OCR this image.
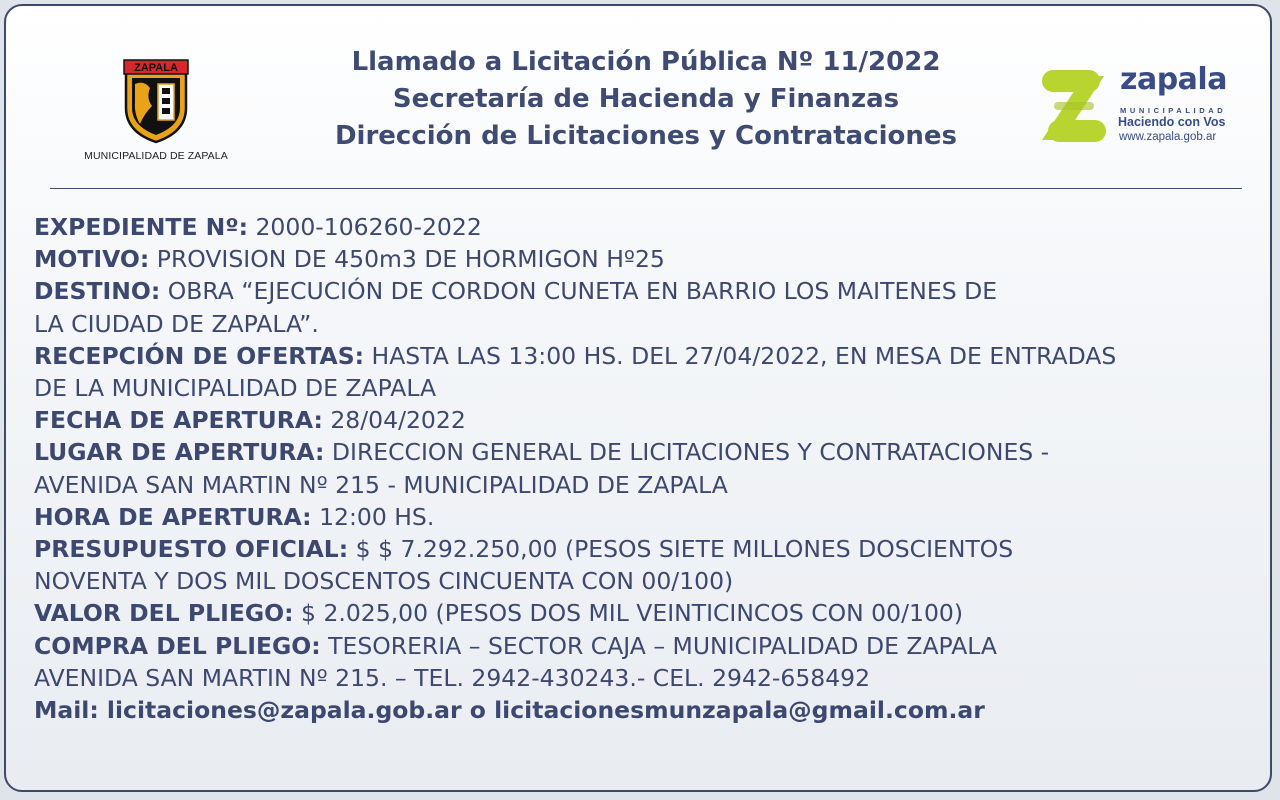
ZAPALA
MUNICIPALIDAD DE ZAPALA
Llamado a Licitación Pública Nº 11/2022
Secretaría de Hacienda y Finanzas
Dirección de Licitaciones y Contrataciones
zapala
MUNICIPALIDAD
Haciendo con Vos
www.zapala.gob.ar
EXPEDIENTE Nº: 2000-106260-2022
MOTIVO: PROVISION DE 450m3 DE HORMIGON Hº25
DESTINO: OBRA “EJECUCIÓN DE CORDON CUNETA EN BARRIO LOS MAITENES DE
LA CIUDAD DE ZAPALA”.
RECEPCIÓN DE OFERTAS: HASTA LAS 13:00 HS. DEL 27/04/2022, EN MESA DE ENTRADAS
DE LA MUNICIPALIDAD DE ZAPALA
FECHA DE APERTURA: 28/04/2022
LUGAR DE APERTURA: DIRECCION GENERAL DE LICITACIONES Y CONTRATACIONES -
AVENIDA SAN MARTIN Nº 215 - MUNICIPALIDAD DE ZAPALA
HORA DE APERTURA: 12:00 HS.
PRESUPUESTO OFICIAL: $ $ 7.292.250,00 (PESOS SIETE MILLONES DOSCIENTOS
NOVENTA Y DOS MIL DOSCENTOS CINCUENTA CON 00/100)
VALOR DEL PLIEGO: $ 2.025,00 (PESOS DOS MIL VEINTICINCOS CON 00/100)
COMPRA DEL PLIEGO: TESORERIA – SECTOR CAJA – MUNICIPALIDAD DE ZAPALA
AVENIDA SAN MARTIN Nº 215. – TEL. 2942-430243.- CEL. 2942-658492
Mail: licitaciones@zapala.gob.ar o licitacionesmunzapala@gmail.com.ar
